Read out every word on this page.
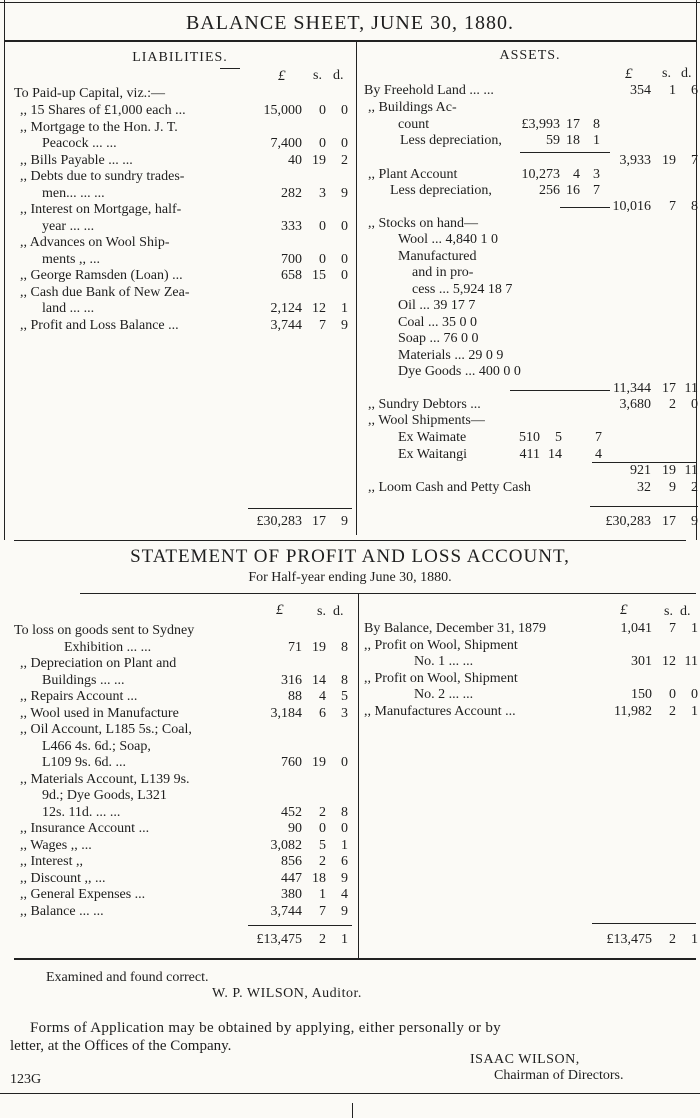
BALANCE SHEET, JUNE 30, 1880.
LIABILITIES.
£ s. d.
To Paid-up Capital, viz.:—
,, 15 Shares of £1,000 each ...	15,000	0	0
,, Mortgage to the Hon. J. T.
Peacock ... ...	7,400	0	0
,, Bills Payable ... ...	40 19	2
,, Debts due to sundry trades-
men... ... ...	282	3	9
,, Interest on Mortgage, half-
year ... ...	333	0	0
,, Advances on Wool Ship-
ments ,, ...	700	0	0
,, George Ramsden (Loan) ...	658 15	0
,, Cash due Bank of New Zea-
land ... ...	2,124 12	1
,, Profit and Loss Balance ...	3,744	7	9
£30,283 17	9
ASSETS.
£ s. d.
By Freehold Land ... ...	354	1	6
,, Buildings Ac-
count	£3,993 17 8
Less depreciation,	59 18 1
3,933 19	7
,, Plant Account	10,273 4 3
Less depreciation,	256 16 7
10,016	7	8
,, Stocks on hand—
Wool ... 4,840 1 0
Manufactured
and in pro-
cess ... 5,924 18 7
Oil ... 39 17 7
Coal ... 35 0 0
Soap ... 76 0 0
Materials ... 29 0 9
Dye Goods ... 400 0 0
11,344 17 11
,, Sundry Debtors ...	3,680	2	0
,, Wool Shipments—
Ex Waimate	510	5	7
Ex Waitangi	411 14	4
921 19 11
,, Loom Cash and Petty Cash	32	9	2
£30,283 17	9
STATEMENT OF PROFIT AND LOSS ACCOUNT,
For Half-year ending June 30, 1880.
£ s. d.	£	s. d.
To loss on goods sent to Sydney
Exhibition ... ...	71 19	8
,, Depreciation on Plant and
Buildings ... ...	316 14	8
,, Repairs Account ...	88	4	5
,, Wool used in Manufacture	3,184	6	3
,, Oil Account, L185 5s.; Coal,
L466 4s. 6d.; Soap,
L109 9s. 6d. ...	760 19	0
,, Materials Account, L139 9s.
9d.; Dye Goods, L321
12s. 11d. ... ...	452	2	8
,, Insurance Account ...	90	0	0
,, Wages ,, ...	3,082	5	1
,, Interest ,,	856	2	6
,, Discount ,, ...	447 18	9
,, General Expenses ...	380	1	4
,, Balance ... ...	3,744	7	9
£13,475	2	1
By Balance, December 31, 1879	1,041	7	1
,, Profit on Wool, Shipment
No. 1 ... ...	301 12 11
,, Profit on Wool, Shipment
No. 2 ... ...	150	0	0
,, Manufactures Account ...	11,982	2	1
£13,475	2	1
Examined and found correct.
W. P. WILSON, Auditor.
Forms of Application may be obtained by applying, either personally or by
letter, at the Offices of the Company.
ISAAC WILSON,
Chairman of Directors.
123G
